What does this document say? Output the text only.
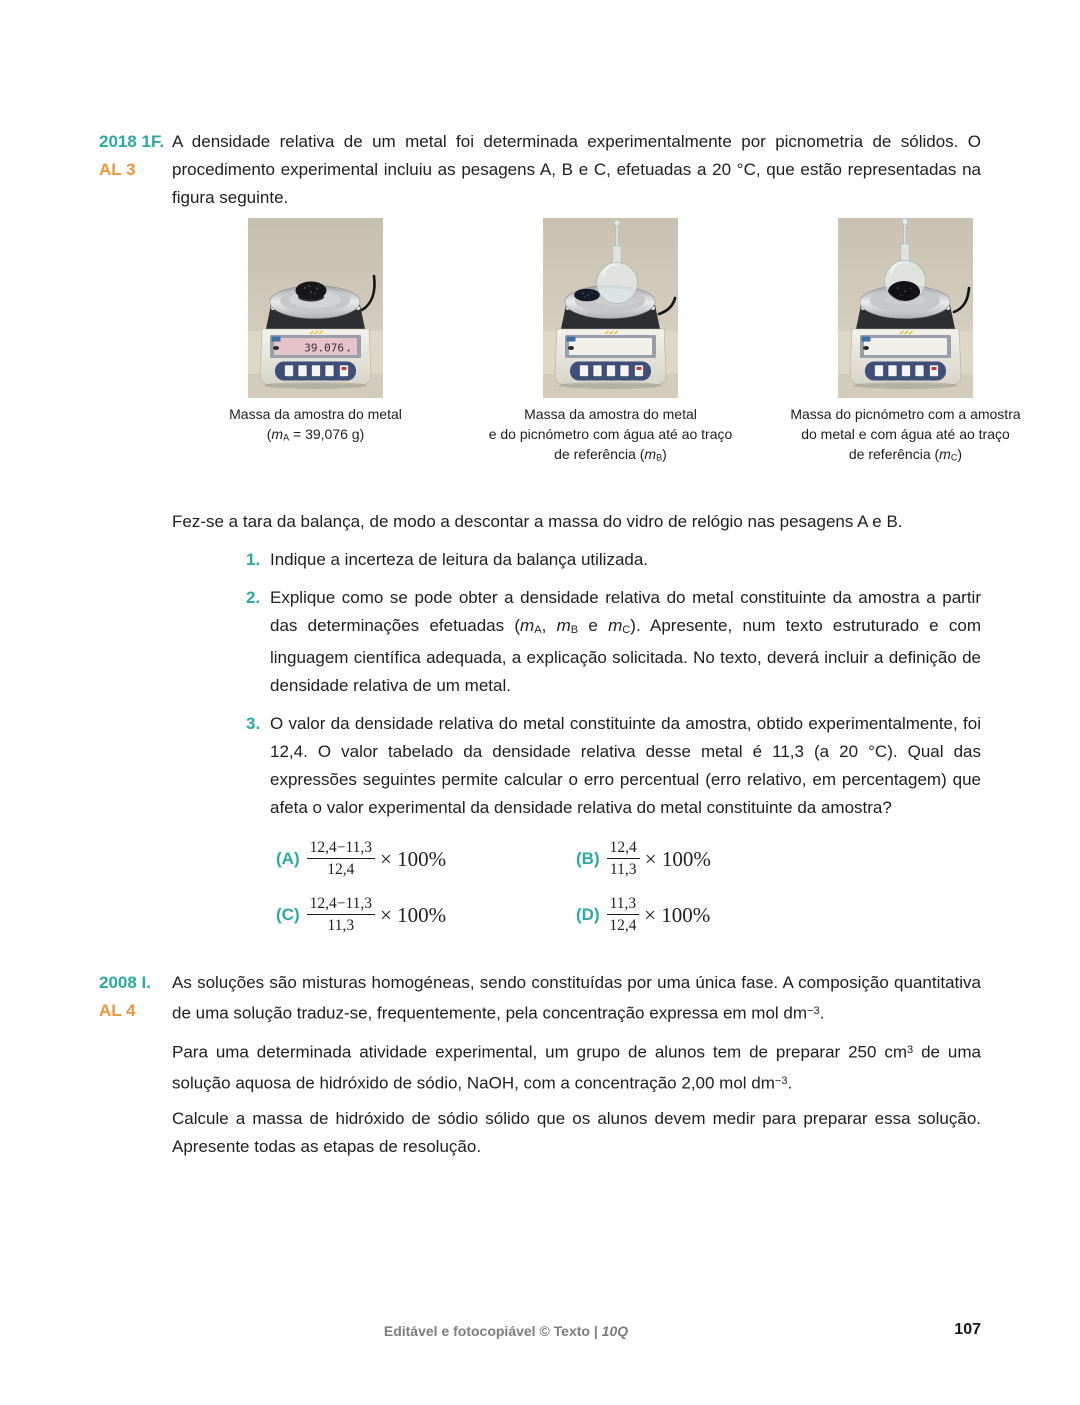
2018 1F.
AL 3

A densidade relativa de um metal foi determinada experimentalmente por picnometria de sólidos. O procedimento experimental incluiu as pesagens A, B e C, efetuadas a 20 °C, que estão representadas na figura seguinte.

39.076
Massa da amostra do metal
(mA = 39,076 g)
Massa da amostra do metal
e do picnómetro com água até ao traço
de referência (mB)
Massa do picnómetro com a amostra
do metal e com água até ao traço
de referência (mC)

Fez-se a tara da balança, de modo a descontar a massa do vidro de relógio nas pesagens A e B.

1. Indique a incerteza de leitura da balança utilizada.

2. Explique como se pode obter a densidade relativa do metal constituinte da amostra a partir das determinações efetuadas (mA, mB e mC). Apresente, num texto estruturado e com linguagem científica adequada, a explicação solicitada. No texto, deverá incluir a definição de densidade relativa de um metal.

3. O valor da densidade relativa do metal constituinte da amostra, obtido experimentalmente, foi 12,4. O valor tabelado da densidade relativa desse metal é 11,3 (a 20 °C). Qual das expressões seguintes permite calcular o erro percentual (erro relativo, em percentagem) que afeta o valor experimental da densidade relativa do metal constituinte da amostra?

$(A) \frac{12,4-11,3}{12,4} \times 100\%$	$(B) \frac{12,4}{11,3} \times 100\%$
$(C) \frac{12,4-11,3}{11,3} \times 100\%$	$(D) \frac{11,3}{12,4} \times 100\%$
2008 I.
AL 4

As soluções são misturas homogéneas, sendo constituídas por uma única fase. A composição quantitativa de uma solução traduz-se, frequentemente, pela concentração expressa em mol $dm^{-3}$.

Para uma determinada atividade experimental, um grupo de alunos tem de preparar 250 $cm^3$ de uma solução aquosa de hidróxido de sódio, NaOH, com a concentração 2,00 mol $dm^{-3}$.

Calcule a massa de hidróxido de sódio sólido que os alunos devem medir para preparar essa solução. Apresente todas as etapas de resolução.

Editável e fotocopiável © Texto | 10Q	107
